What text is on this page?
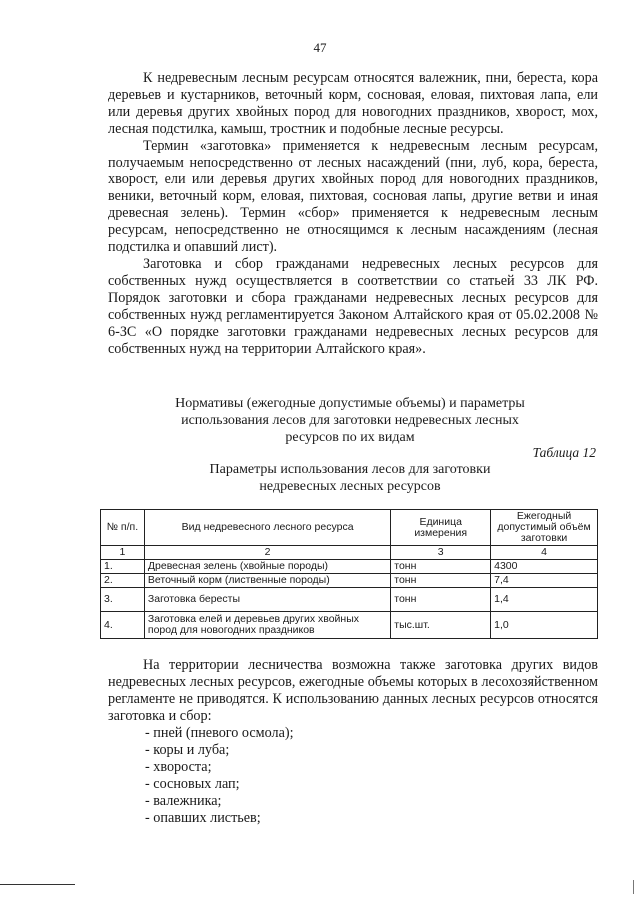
47

К недревесным лесным ресурсам относятся валежник, пни, береста, кора деревьев и кустарников, веточный корм, сосновая, еловая, пихтовая лапа, ели или деревья других хвойных пород для новогодних праздников, хворост, мох, лесная подстилка, камыш, тростник и подобные лесные ресурсы.

Термин «заготовка» применяется к недревесным лесным ресурсам, получаемым непосредственно от лесных насаждений (пни, луб, кора, береста, хворост, ели или деревья других хвойных пород для новогодних праздников, веники, веточный корм, еловая, пихтовая, сосновая лапы, другие ветви и иная древесная зелень). Термин «сбор» применяется к недревесным лесным ресурсам, непосредственно не относящимся к лесным насаждениям (лесная подстилка и опавший лист).

Заготовка и сбор гражданами недревесных лесных ресурсов для собственных нужд осуществляется в соответствии со статьей 33 ЛК РФ. Порядок заготовки и сбора гражданами недревесных лесных ресурсов для собственных нужд регламентируется Законом Алтайского края от 05.02.2008 № 6-ЗС «О порядке заготовки гражданами недревесных лесных ресурсов для собственных нужд на территории Алтайского края».

Нормативы (ежегодные допустимые объемы) и параметры
использования лесов для заготовки недревесных лесных
ресурсов по их видам
Таблица 12
Параметры использования лесов для заготовки
недревесных лесных ресурсов
№ п/п.	Вид недревесного лесного ресурса	Единица измерения	Ежегодный допустимый объём заготовки
1	2	3	4
1.	Древесная зелень (хвойные породы)	тонн	4300
2.	Веточный корм (лиственные породы)	тонн	7,4
3.	Заготовка бересты	тонн	1,4
4.	Заготовка елей и деревьев других хвойных пород для новогодних праздников	тыс.шт.	1,0

На территории лесничества возможна также заготовка других видов недревесных лесных ресурсов, ежегодные объемы которых в лесохозяйственном регламенте не приводятся. К использованию данных лесных ресурсов относятся заготовка и сбор:

- пней (пневого осмола);
- коры и луба;
- хвороста;
- сосновых лап;
- валежника;
- опавших листьев;
